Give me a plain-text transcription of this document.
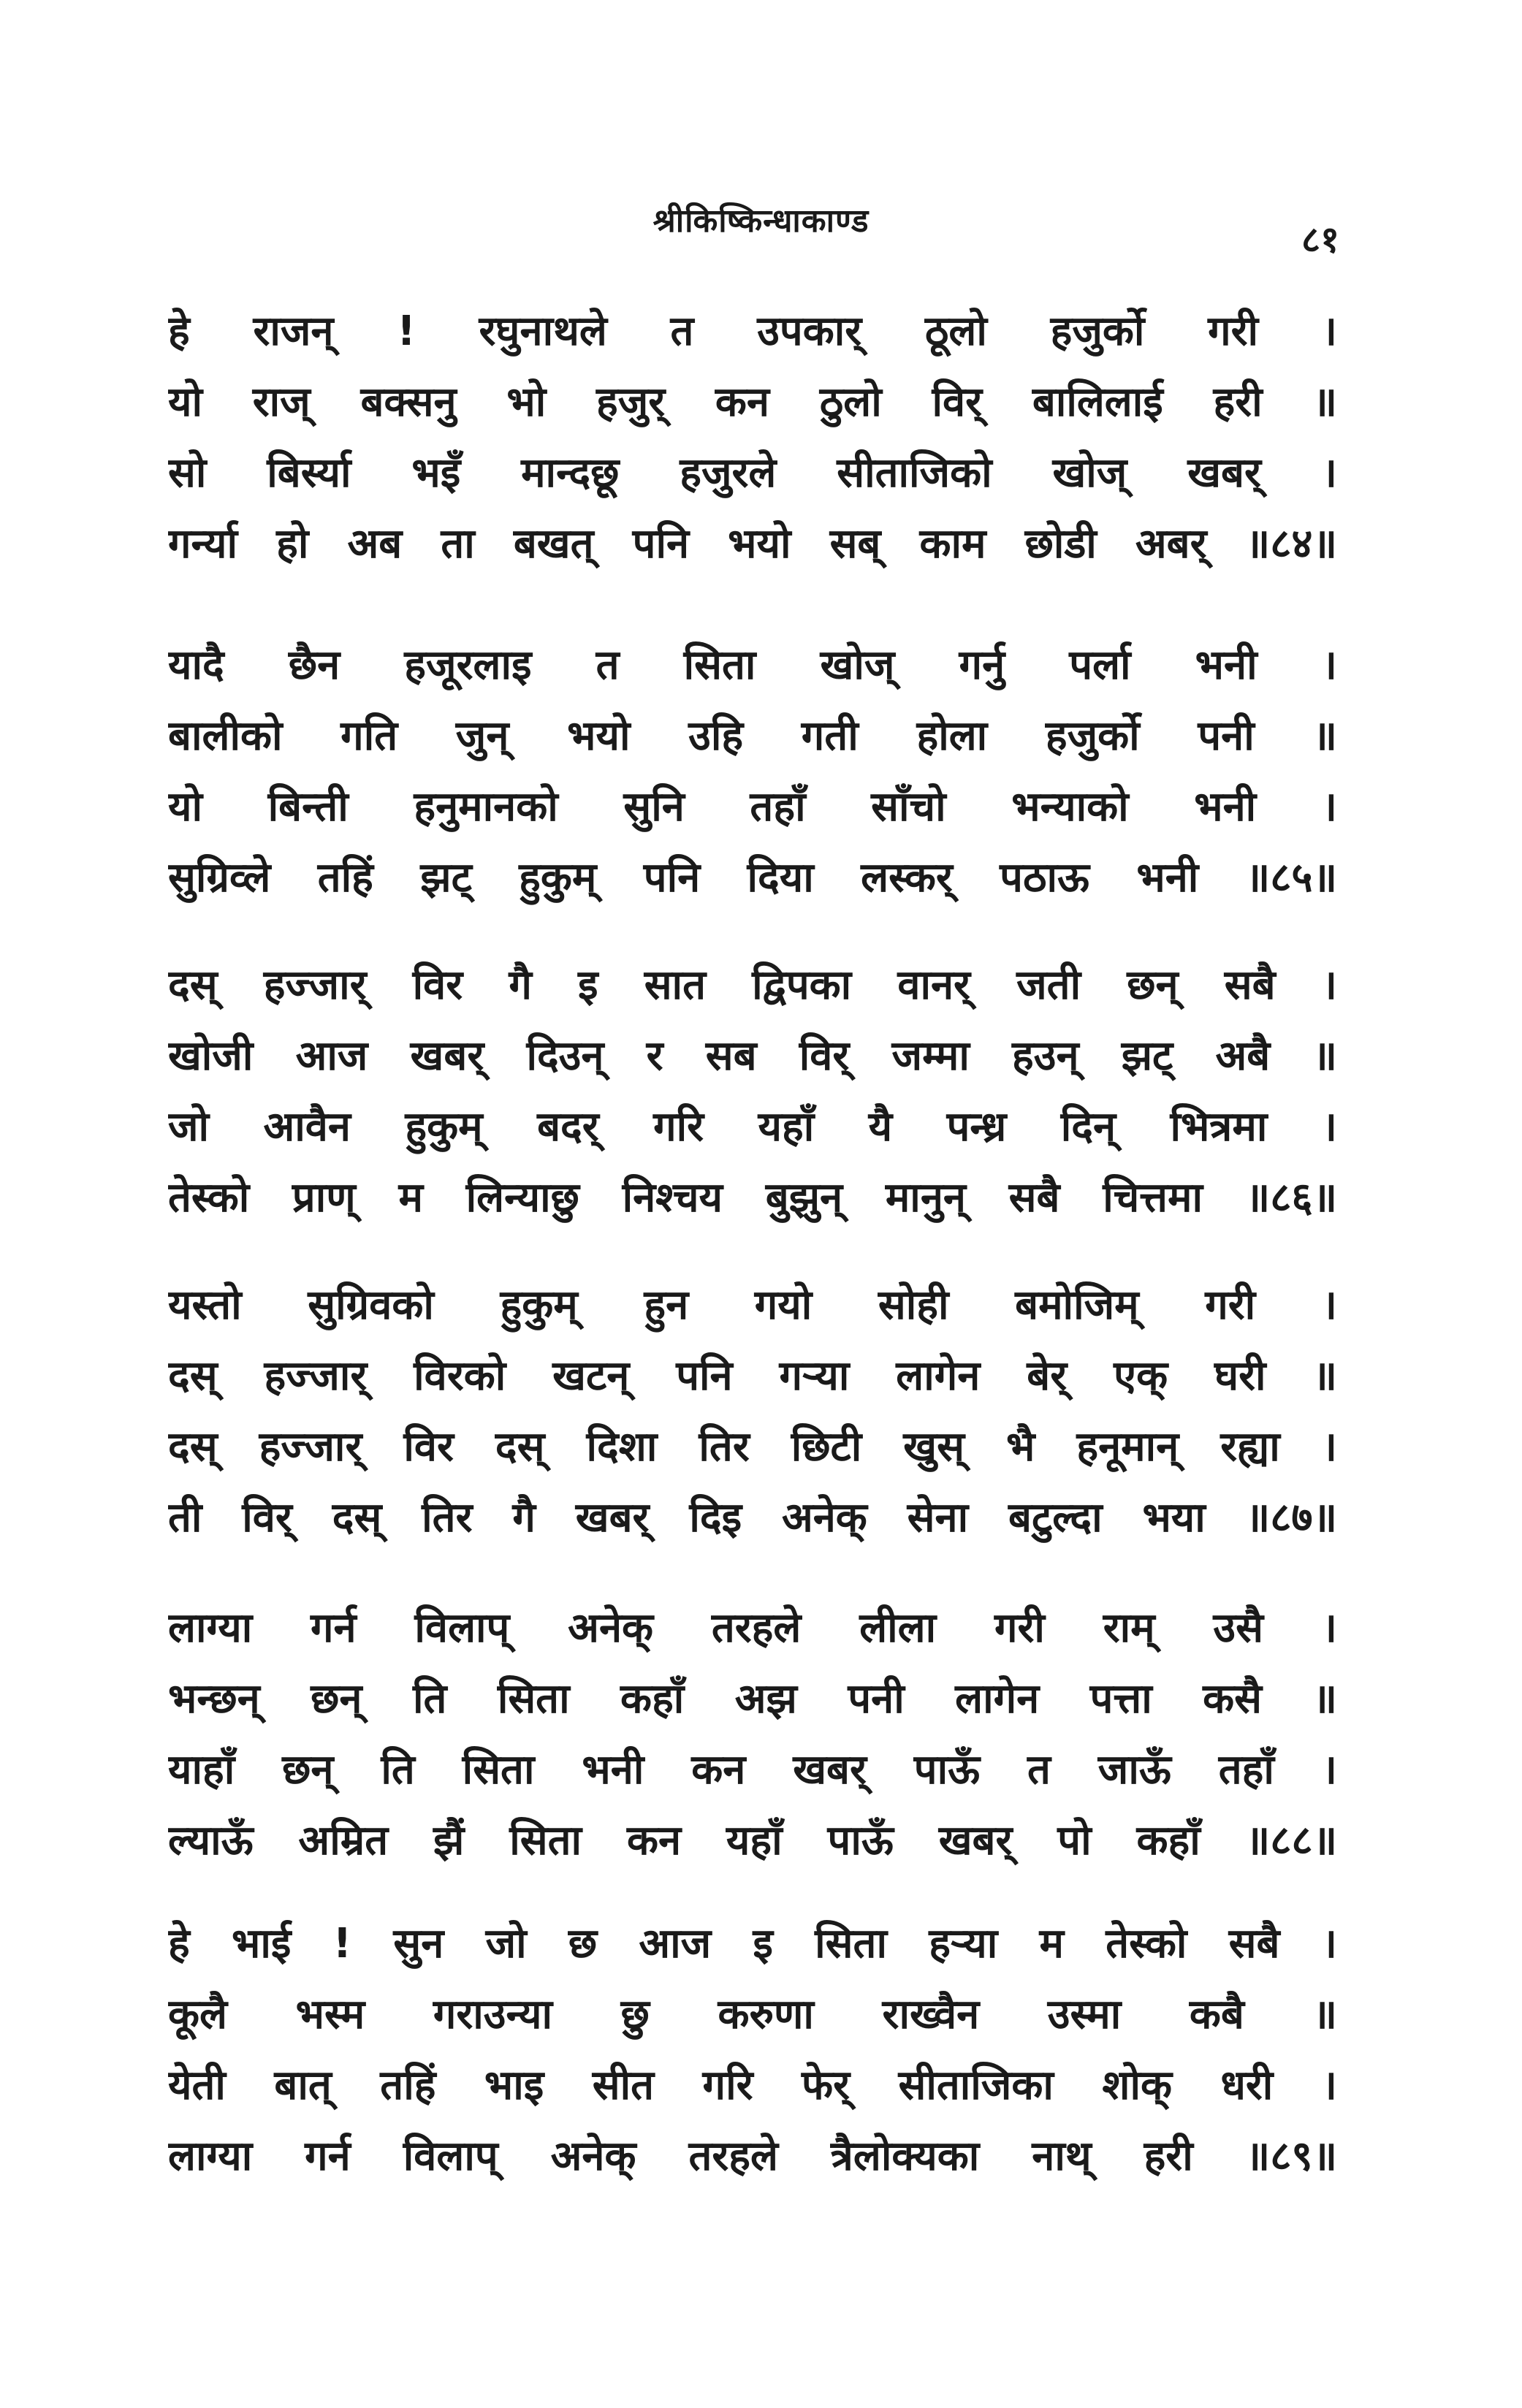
श्रीकिष्किन्धाकाण्ड	८१
हे राजन् ! रघुनाथले त उपकार् ठूलो हजुर्को गरी ।
यो राज् बक्सनु भो हजुर् कन ठुलो विर् बालिलाई हरी ॥
सो बिर्स्या भइँ मान्दछू हजुरले सीताजिको खोज् खबर् ।
गर्न्या हो अब ता बखत् पनि भयो सब् काम छोडी अबर् ॥८४॥
यादै छैन हजूरलाइ त सिता खोज् गर्नु पर्ला भनी ।
बालीको गति जुन् भयो उहि गती होला हजुर्को पनी ॥
यो बिन्ती हनुमानको सुनि तहाँ साँचो भन्याको भनी ।
सुग्रिव्ले तहिं झट् हुकुम् पनि दिया लस्कर् पठाऊ भनी ॥८५॥
दस् हज्जार् विर गै इ सात द्विपका वानर् जती छन् सबै ।
खोजी आज खबर् दिउन् र सब विर् जम्मा हउन् झट् अबै ॥
जो आवैन हुकुम् बदर् गरि यहाँ यै पन्ध्र दिन् भित्रमा ।
तेस्को प्राण् म लिन्याछु निश्चय बुझुन् मानुन् सबै चित्तमा ॥८६॥
यस्तो सुग्रिवको हुकुम् हुन गयो सोही बमोजिम् गरी ।
दस् हज्जार् विरको खटन् पनि गऱ्या लागेन बेर् एक् घरी ॥
दस् हज्जार् विर दस् दिशा तिर छिटी खुस् भै हनूमान् रह्या ।
ती विर् दस् तिर गै खबर् दिइ अनेक् सेना बटुल्दा भया ॥८७॥
लाग्या गर्न विलाप् अनेक् तरहले लीला गरी राम् उसै ।
भन्छन् छन् ति सिता कहाँ अझ पनी लागेन पत्ता कसै ॥
याहाँ छन् ति सिता भनी कन खबर् पाऊँ त जाऊँ तहाँ ।
ल्याऊँ अम्रित झैं सिता कन यहाँ पाऊँ खबर् पो कहाँ ॥८८॥
हे भाई ! सुन जो छ आज इ सिता हऱ्या म तेस्को सबै ।
कूलै भस्म गराउन्या छु करुणा राख्वैन उस्मा कबै ॥
येती बात् तहिं भाइ सीत गरि फेर् सीताजिका शोक् धरी ।
लाग्या गर्न विलाप् अनेक् तरहले त्रैलोक्यका नाथ् हरी ॥८९॥
